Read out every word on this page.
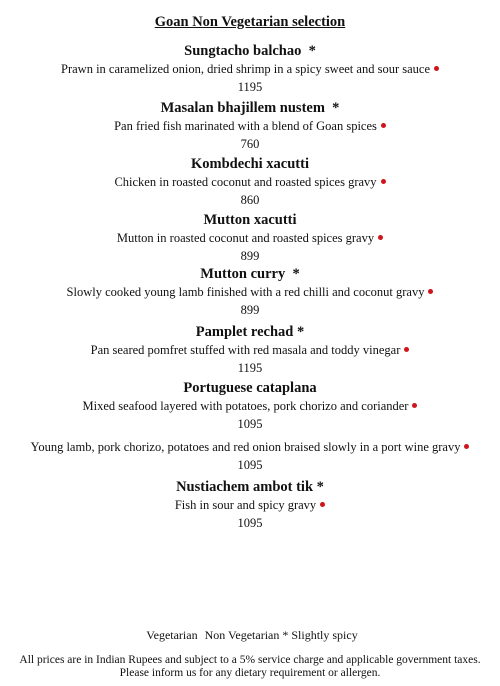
Goan Non Vegetarian selection
Sungtacho balchao *
Prawn in caramelized onion, dried shrimp in a spicy sweet and sour sauce
1195
Masalan bhajillem nustem *
Pan fried fish marinated with a blend of Goan spices
760
Kombdechi xacutti
Chicken in roasted coconut and roasted spices gravy
860
Mutton xacutti
Mutton in roasted coconut and roasted spices gravy
899
Mutton curry *
Slowly cooked young lamb finished with a red chilli and coconut gravy
899
Pamplet rechad *
Pan seared pomfret stuffed with red masala and toddy vinegar
1195
Portuguese cataplana
Mixed seafood layered with potatoes, pork chorizo and coriander
1095
Young lamb, pork chorizo, potatoes and red onion braised slowly in a port wine gravy
1095
Nustiachem ambot tik *
Fish in sour and spicy gravy
1095
Vegetarian Non Vegetarian * Slightly spicy
All prices are in Indian Rupees and subject to a 5% service charge and applicable government taxes.
Please inform us for any dietary requirement or allergen.
